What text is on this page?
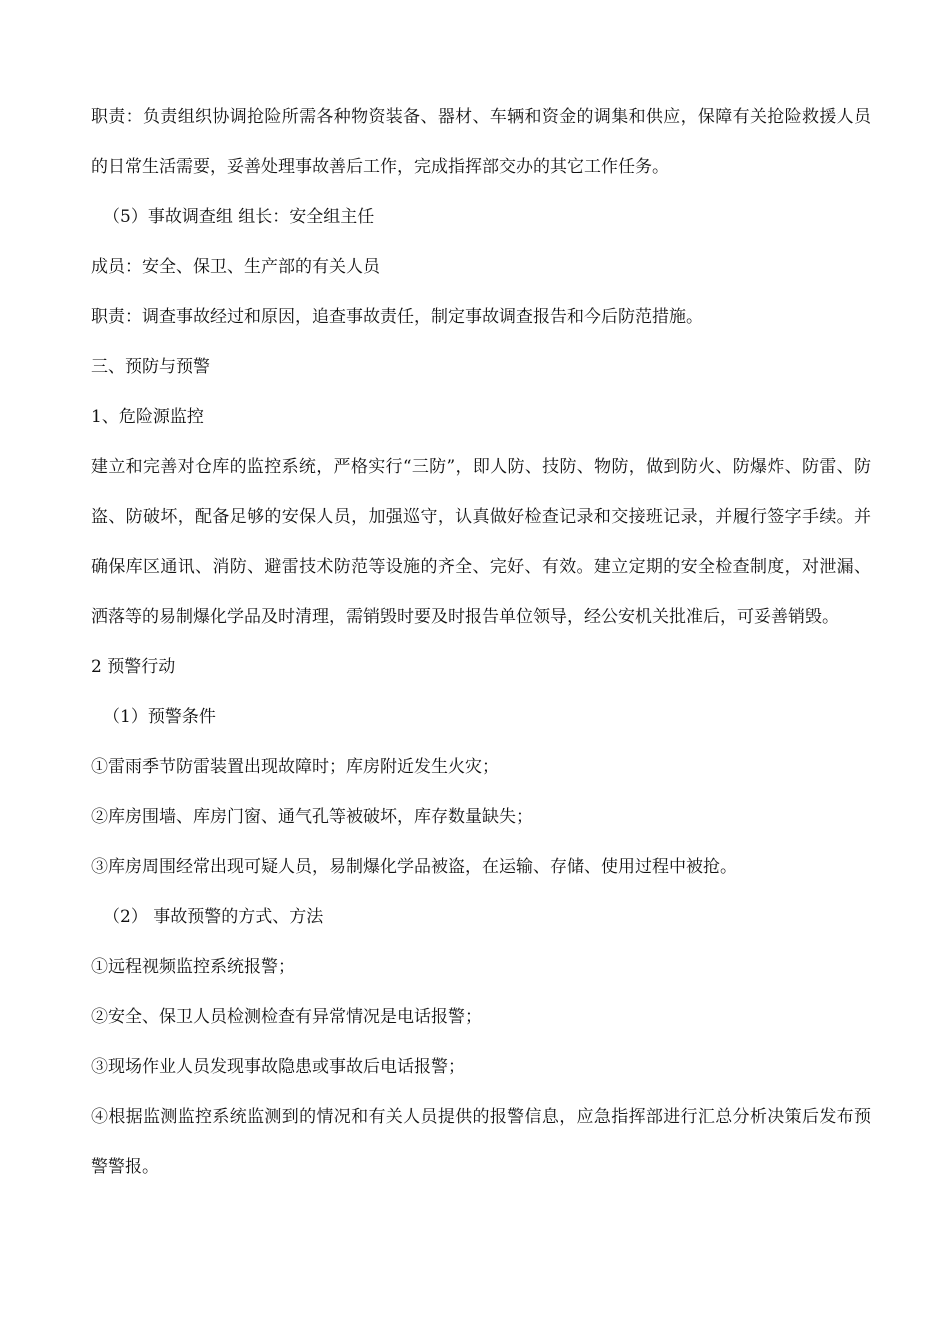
职责：负责组织协调抢险所需各种物资装备、器材、车辆和资金的调集和供应，保障有关抢险救援人员的日常生活需要，妥善处理事故善后工作，完成指挥部交办的其它工作任务。

（5）事故调查组 组长：安全组主任

成员：安全、保卫、生产部的有关人员

职责：调查事故经过和原因，追查事故责任，制定事故调查报告和今后防范措施。

三、预防与预警

1、危险源监控

建立和完善对仓库的监控系统，严格实行“三防”，即人防、技防、物防，做到防火、防爆炸、防雷、防盗、防破坏，配备足够的安保人员，加强巡守，认真做好检查记录和交接班记录，并履行签字手续。并确保库区通讯、消防、避雷技术防范等设施的齐全、完好、有效。建立定期的安全检查制度，对泄漏、洒落等的易制爆化学品及时清理，需销毁时要及时报告单位领导，经公安机关批准后，可妥善销毁。

2 预警行动

（1）预警条件

①雷雨季节防雷装置出现故障时；库房附近发生火灾；

②库房围墙、库房门窗、通气孔等被破坏，库存数量缺失；

③库房周围经常出现可疑人员，易制爆化学品被盗，在运输、存储、使用过程中被抢。

（2） 事故预警的方式、方法

①远程视频监控系统报警；

②安全、保卫人员检测检查有异常情况是电话报警；

③现场作业人员发现事故隐患或事故后电话报警；

④根据监测监控系统监测到的情况和有关人员提供的报警信息，应急指挥部进行汇总分析决策后发布预警警报。
